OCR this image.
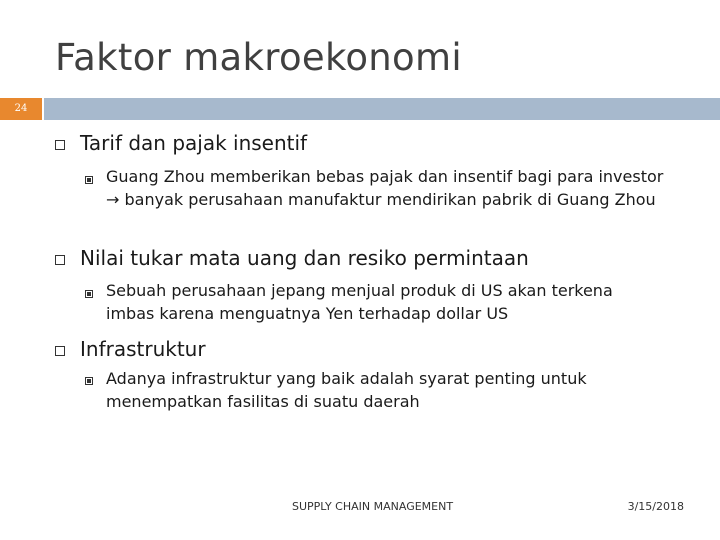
Faktor makroekonomi
24
Tarif dan pajak insentif
Guang Zhou memberikan bebas pajak dan insentif bagi para investor → banyak perusahaan manufaktur mendirikan pabrik di Guang Zhou
Nilai tukar mata uang dan resiko permintaan
Sebuah perusahaan jepang menjual produk di US akan terkena imbas karena menguatnya Yen terhadap dollar US
Infrastruktur
Adanya infrastruktur yang baik adalah syarat penting untuk menempatkan fasilitas di suatu daerah
SUPPLY CHAIN MANAGEMENT	3/15/2018
